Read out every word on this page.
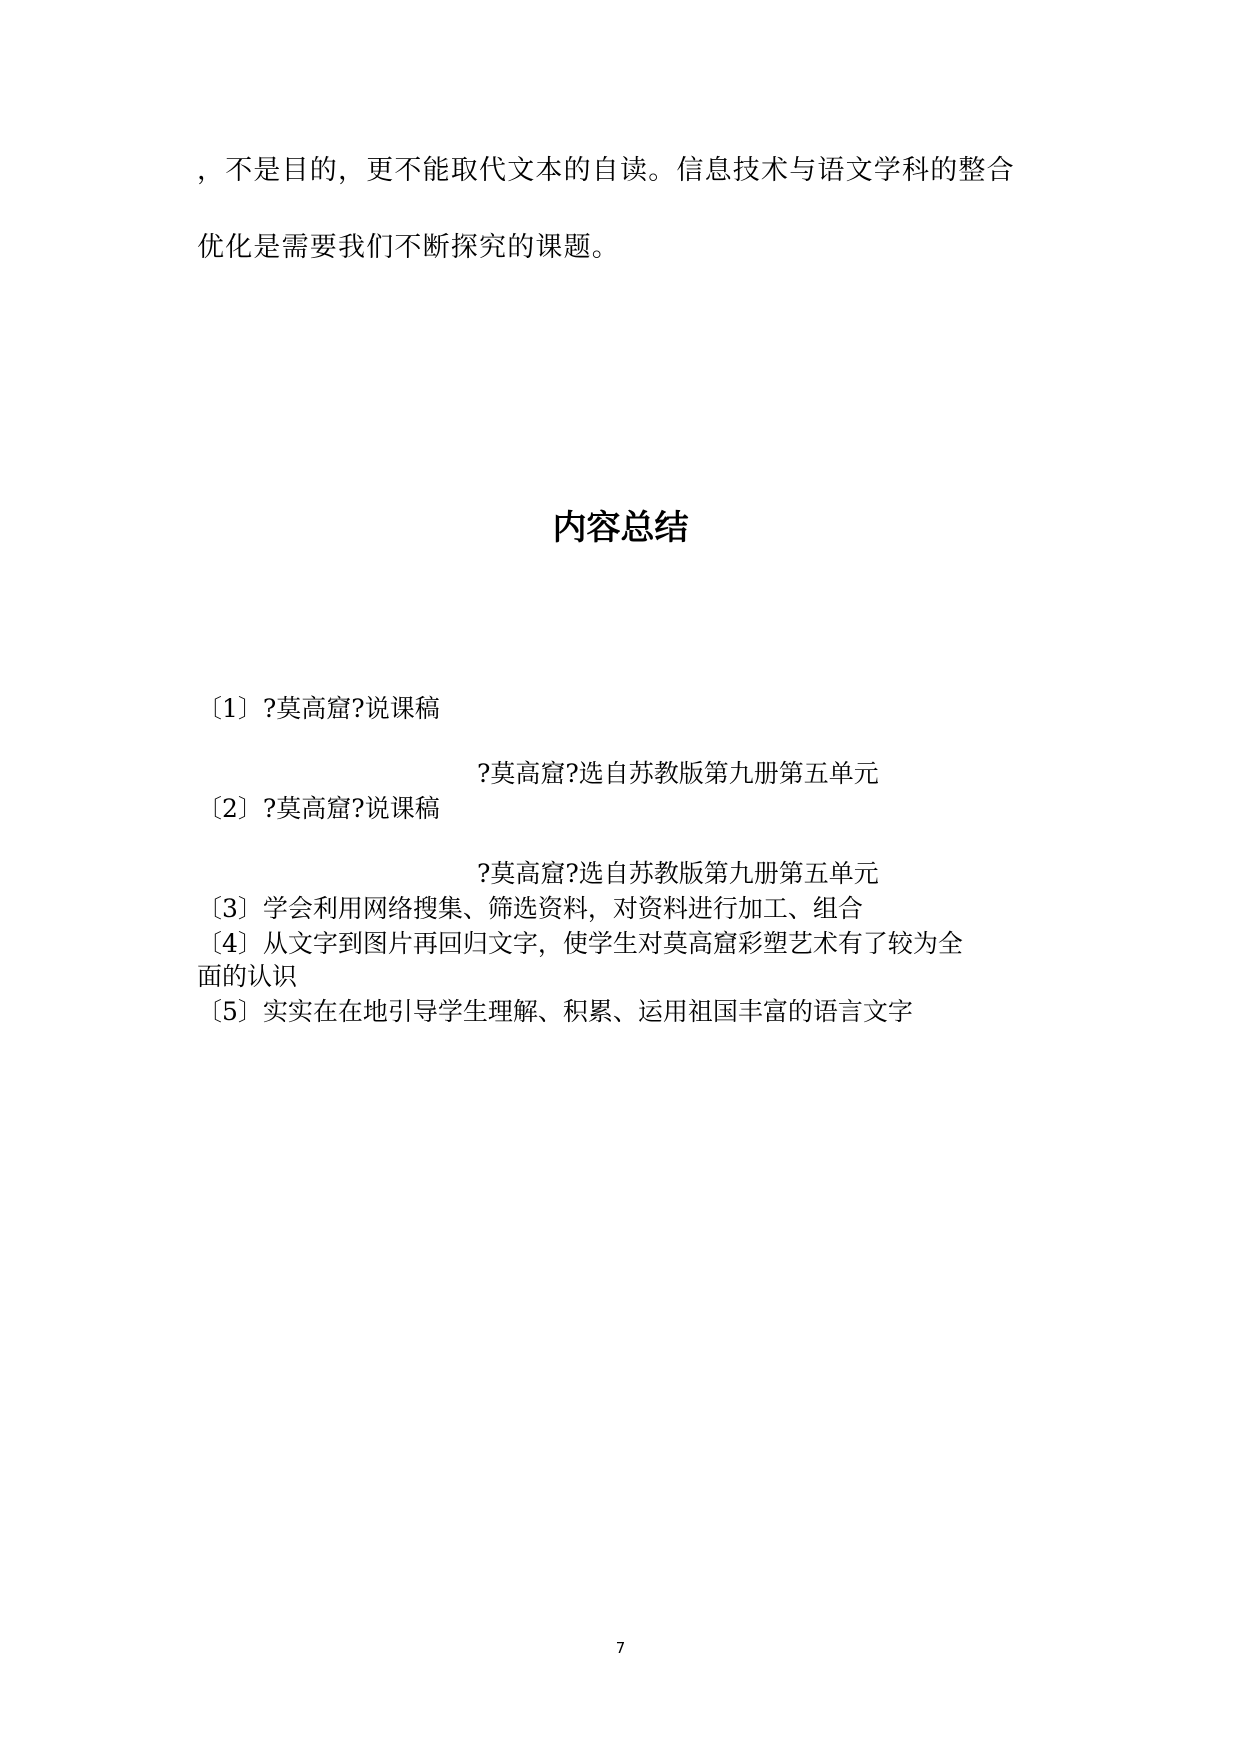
，不是目的，更不能取代文本的自读。信息技术与语文学科的整合
优化是需要我们不断探究的课题。
内容总结
〔1〕?莫高窟?说课稿
?莫高窟?选自苏教版第九册第五单元
〔2〕?莫高窟?说课稿
?莫高窟?选自苏教版第九册第五单元
〔3〕学会利用网络搜集、筛选资料，对资料进行加工、组合
〔4〕从文字到图片再回归文字，使学生对莫高窟彩塑艺术有了较为全
面的认识
〔5〕实实在在地引导学生理解、积累、运用祖国丰富的语言文字
7
